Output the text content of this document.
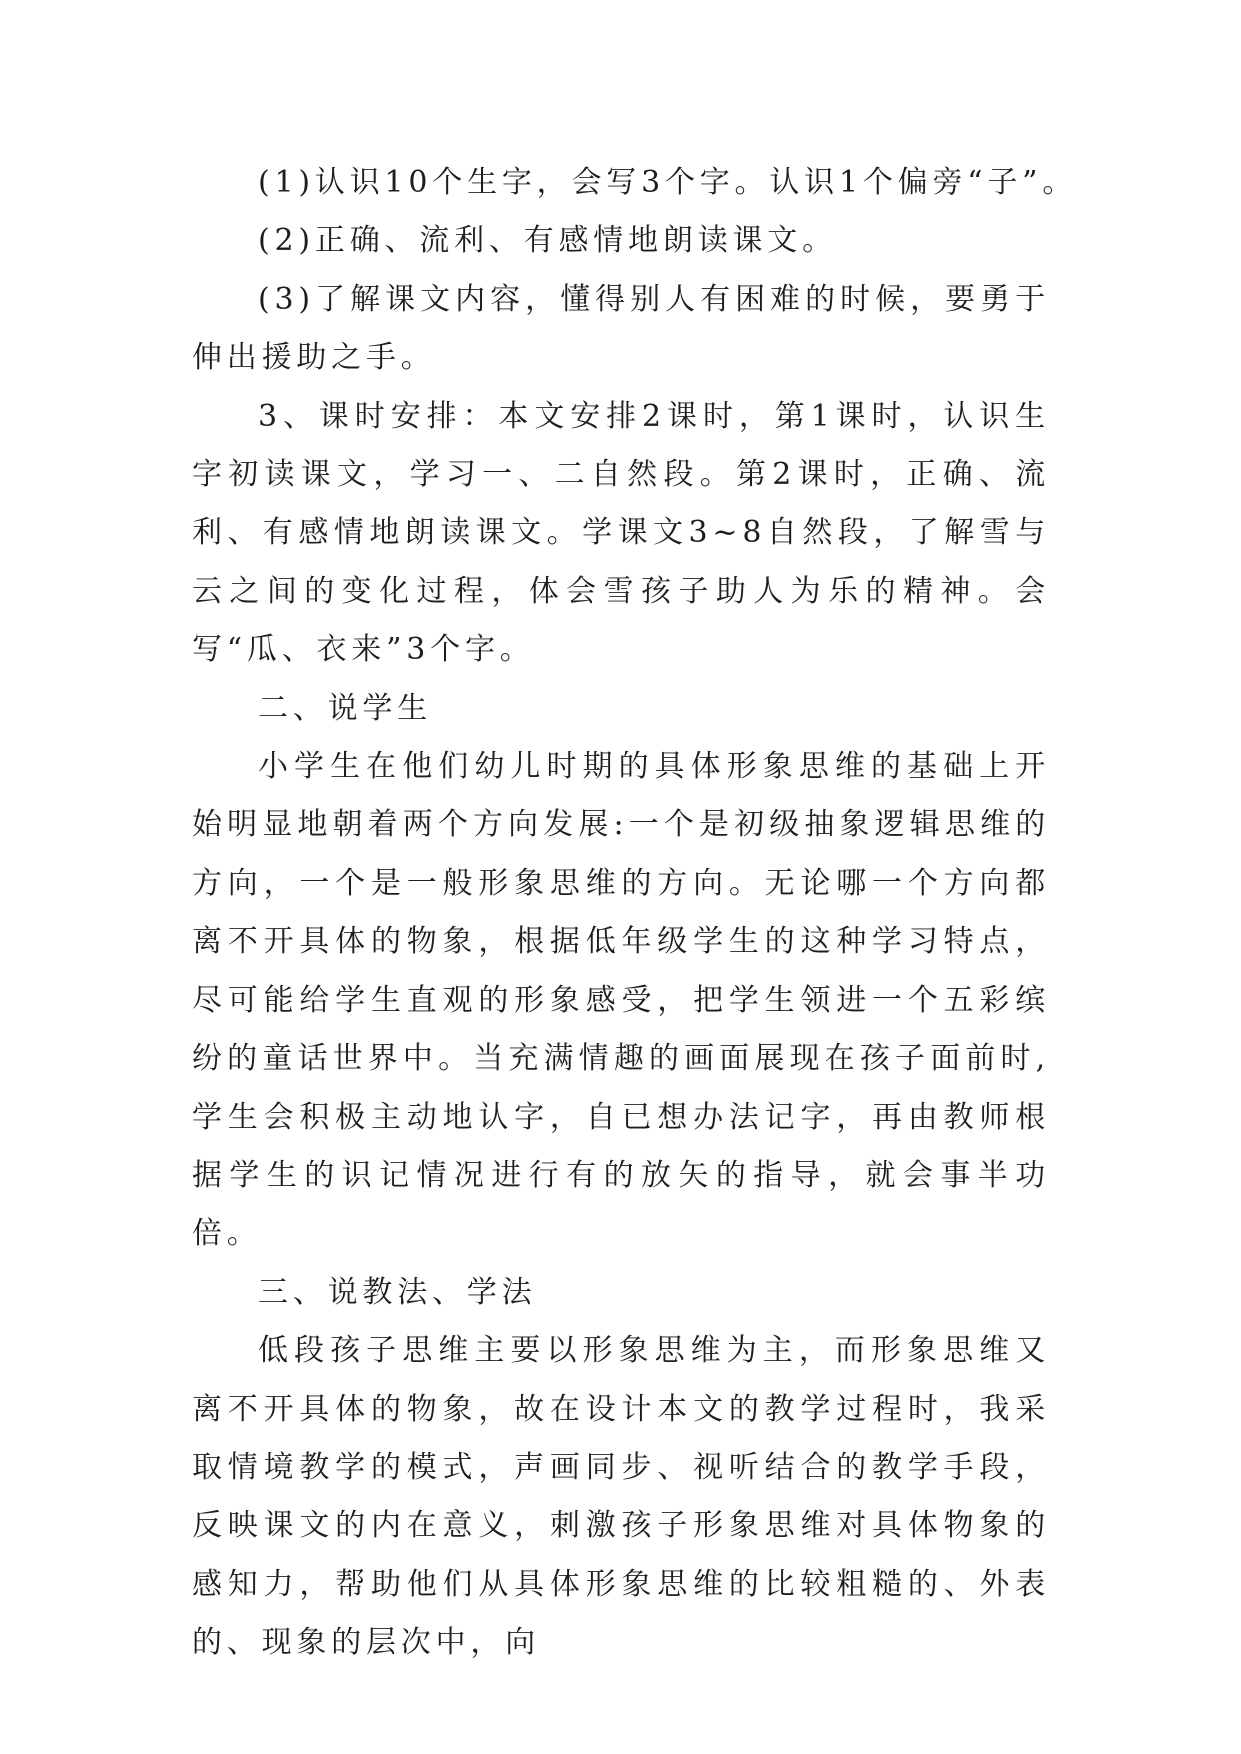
(1)认识10个生字，会写3个字。认识1个偏旁“子”。

(2)正确、流利、有感情地朗读课文。

(3)了解课文内容，懂得别人有困难的时候，要勇于伸出援助之手。

3、课时安排：本文安排2课时，第1课时，认识生字初读课文，学习一、二自然段。第2课时，正确、流利、有感情地朗读课文。学课文3~8自然段，了解雪与云之间的变化过程，体会雪孩子助人为乐的精神。会写“瓜、衣来”3个字。

二、说学生

小学生在他们幼儿时期的具体形象思维的基础上开始明显地朝着两个方向发展:一个是初级抽象逻辑思维的方向，一个是一般形象思维的方向。无论哪一个方向都离不开具体的物象，根据低年级学生的这种学习特点，尽可能给学生直观的形象感受，把学生领进一个五彩缤纷的童话世界中。当充满情趣的画面展现在孩子面前时,学生会积极主动地认字，自已想办法记字，再由教师根据学生的识记情况进行有的放矢的指导，就会事半功倍。

三、说教法、学法

低段孩子思维主要以形象思维为主，而形象思维又离不开具体的物象，故在设计本文的教学过程时，我采取情境教学的模式，声画同步、视听结合的教学手段，反映课文的内在意义，刺激孩子形象思维对具体物象的感知力，帮助他们从具体形象思维的比较粗糙的、外表的、现象的层次中，向
